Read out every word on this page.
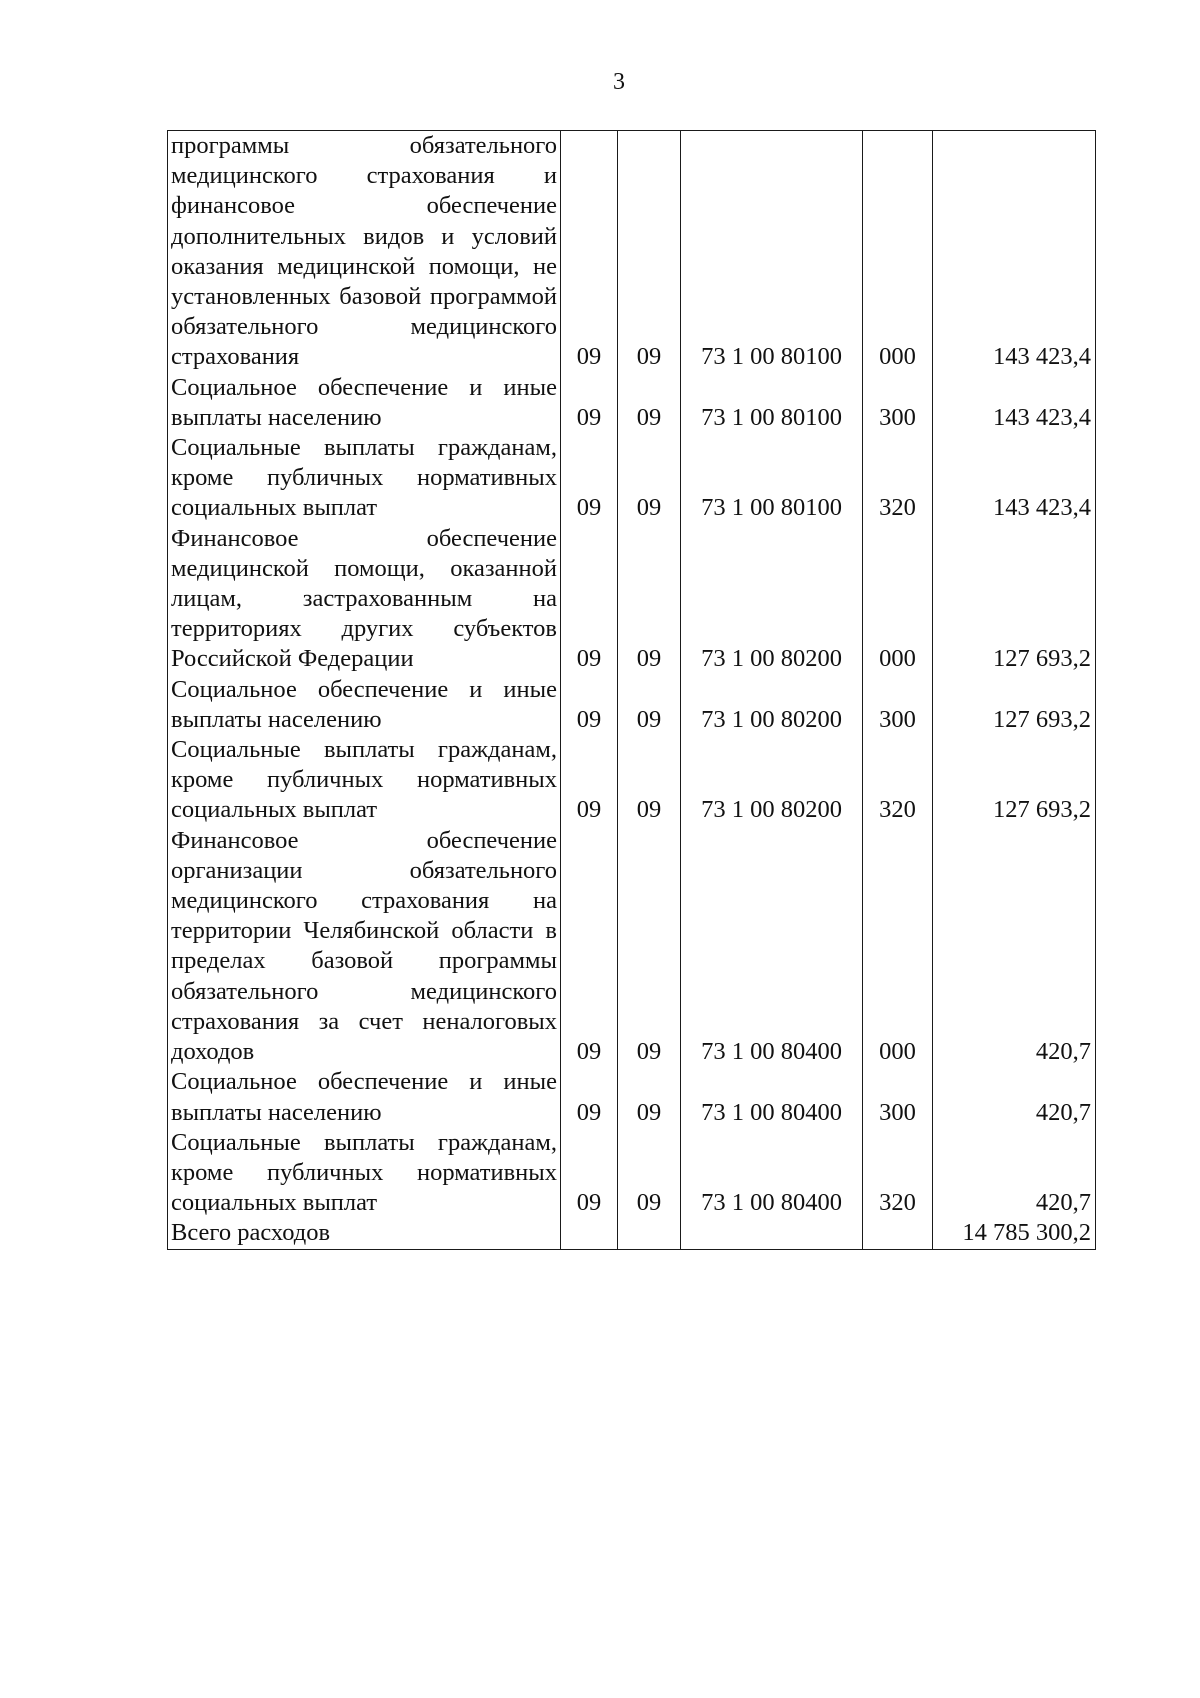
3
программы обязательного медицинского страхования и финансовое обеспечение дополнительных видов и условий оказания медицинской помощи, не установленных базовой программой обязательного медицинского страхования	09	09	73 1 00 80100	000	143 423,4
Социальное обеспечение и иные выплаты населению	09	09	73 1 00 80100	300	143 423,4
Социальные выплаты гражданам, кроме публичных нормативных социальных выплат	09	09	73 1 00 80100	320	143 423,4
Финансовое обеспечение медицинской помощи, оказанной лицам, застрахованным на территориях других субъектов Российской Федерации	09	09	73 1 00 80200	000	127 693,2
Социальное обеспечение и иные выплаты населению	09	09	73 1 00 80200	300	127 693,2
Социальные выплаты гражданам, кроме публичных нормативных социальных выплат	09	09	73 1 00 80200	320	127 693,2
Финансовое обеспечение организации обязательного медицинского страхования на территории Челябинской области в пределах базовой программы обязательного медицинского страхования за счет неналоговых доходов	09	09	73 1 00 80400	000	420,7
Социальное обеспечение и иные выплаты населению	09	09	73 1 00 80400	300	420,7
Социальные выплаты гражданам, кроме публичных нормативных социальных выплат	09	09	73 1 00 80400	320	420,7
Всего расходов					14 785 300,2
